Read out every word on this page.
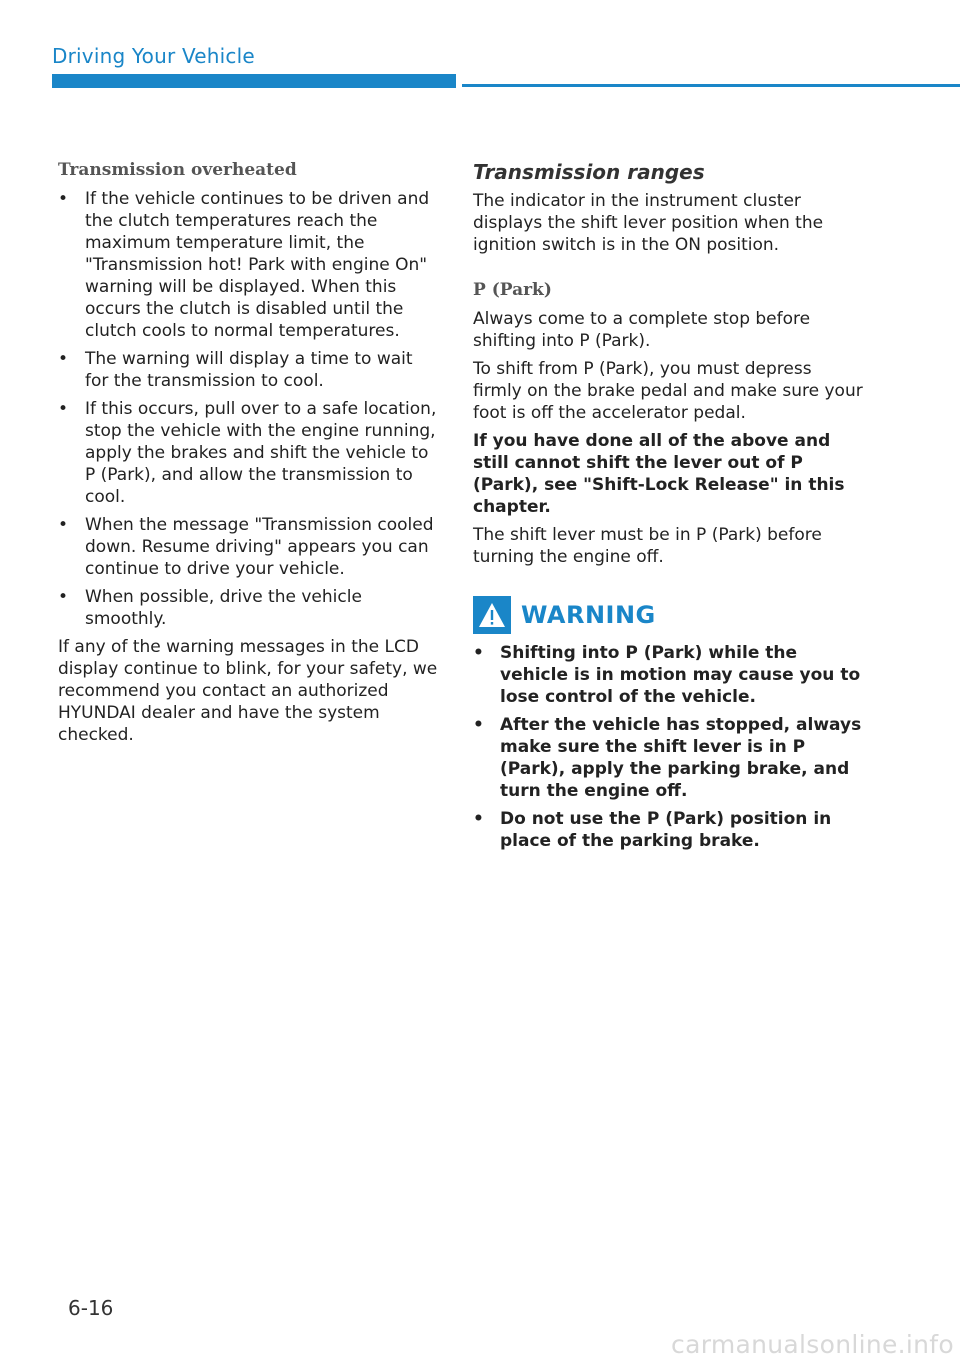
Driving Your Vehicle
Transmission overheated
• If the vehicle continues to be driven and the clutch temperatures reach the maximum temperature limit, the "Transmission hot! Park with engine On" warning will be displayed. When this occurs the clutch is disabled until the clutch cools to normal temperatures.
• The warning will display a time to wait for the transmission to cool.
• If this occurs, pull over to a safe location, stop the vehicle with the engine running, apply the brakes and shift the vehicle to P (Park), and allow the transmission to cool.
• When the message "Transmission cooled down. Resume driving" appears you can continue to drive your vehicle.
• When possible, drive the vehicle smoothly.

If any of the warning messages in the LCD display continue to blink, for your safety, we recommend you contact an authorized HYUNDAI dealer and have the system checked.

Transmission ranges

The indicator in the instrument cluster displays the shift lever position when the ignition switch is in the ON position.

P (Park)

Always come to a complete stop before shifting into P (Park).

To shift from P (Park), you must depress firmly on the brake pedal and make sure your foot is off the accelerator pedal.

If you have done all of the above and still cannot shift the lever out of P (Park), see "Shift-Lock Release" in this chapter.

The shift lever must be in P (Park) before turning the engine off.

WARNING
• Shifting into P (Park) while the vehicle is in motion may cause you to lose control of the vehicle.
• After the vehicle has stopped, always make sure the shift lever is in P (Park), apply the parking brake, and turn the engine off.
• Do not use the P (Park) position in place of the parking brake.
6-16
carmanualsonline.info
